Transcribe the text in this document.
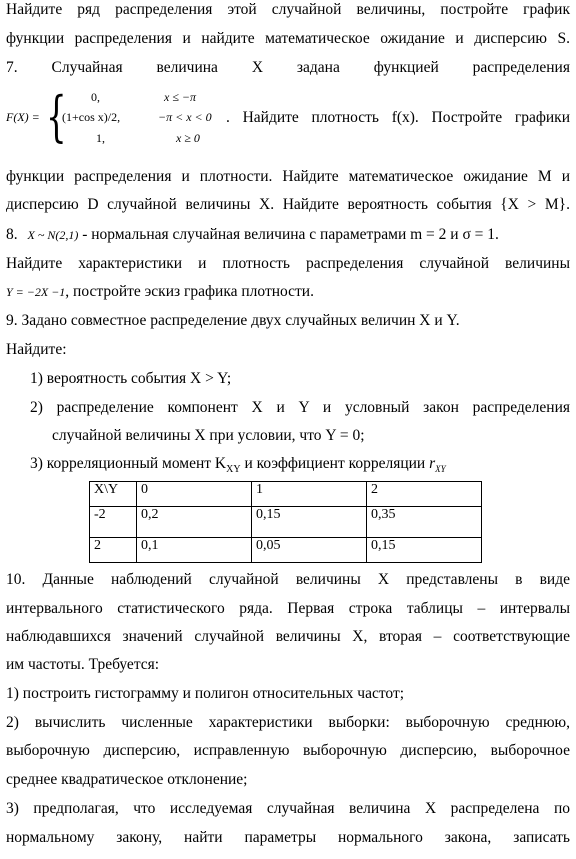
Найдите ряд распределения этой случайной величины, постройте график
функции распределения и найдите математическое ожидание и дисперсию S.
7. Случайная величина X задана функцией распределения
F(X) = { 0,	x ≤ −π
(1+cos x)/2,	−π < x < 0
1,	x ≥ 0
. Найдите плотность f(x). Постройте графики
функции распределения и плотности. Найдите математическое ожидание M и
дисперсию D случайной величины X. Найдите вероятность события {X > M}.
8. X ~ N(2,1) - нормальная случайная величина с параметрами m = 2 и σ = 1.
Найдите характеристики и плотность распределения случайной величины
Y = −2X −1, постройте эскиз графика плотности.
9. Задано совместное распределение двух случайных величин X и Y.
Найдите:
1) вероятность события X > Y;
2) распределение компонент X и Y и условный закон распределения
случайной величины X при условии, что Y = 0;
3) корреляционный момент $K_{XY}$ и коэффициент корреляции $r_{XY}$
X\Y	0	1	2
-2	0,2	0,15	0,35
2	0,1	0,05	0,15
10. Данные наблюдений случайной величины X представлены в виде
интервального статистического ряда. Первая строка таблицы – интервалы
наблюдавшихся значений случайной величины X, вторая – соответствующие
им частоты. Требуется:
1) построить гистограмму и полигон относительных частот;
2) вычислить численные характеристики выборки: выборочную среднюю,
выборочную дисперсию, исправленную выборочную дисперсию, выборочное
среднее квадратическое отклонение;
3) предполагая, что исследуемая случайная величина X распределена по
нормальному закону, найти параметры нормального закона, записать
